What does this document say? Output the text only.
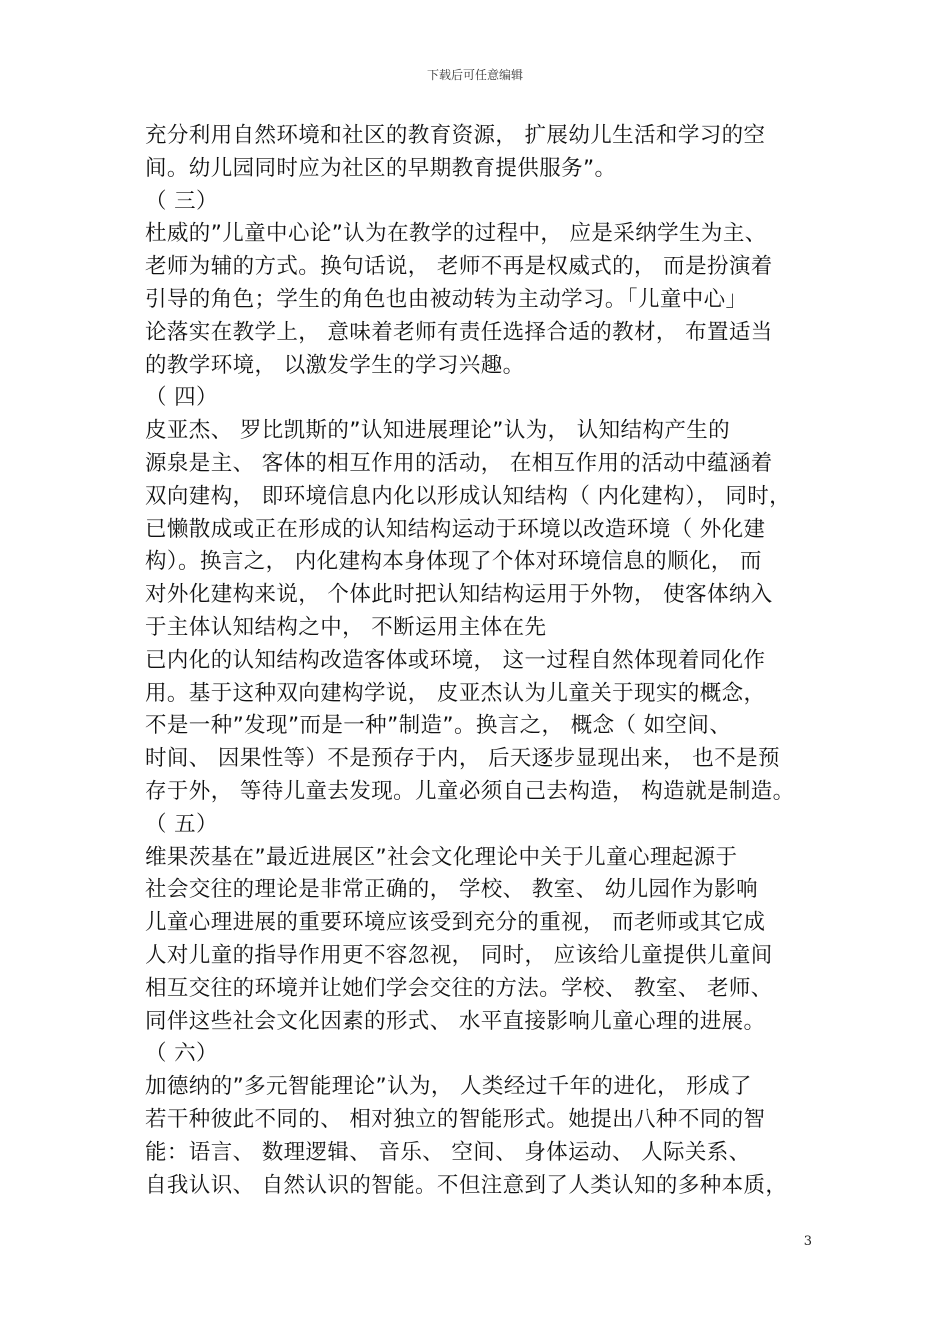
下载后可任意编辑
充分利用自然环境和社区的教育资源， 扩展幼儿生活和学习的空
间。幼儿园同时应为社区的早期教育提供服务”。
（ 三）
杜威的”儿童中心论”认为在教学的过程中， 应是采纳学生为主、
老师为辅的方式。换句话说， 老师不再是权威式的， 而是扮演着
引导的角色；学生的角色也由被动转为主动学习。「儿童中心」
论落实在教学上， 意味着老师有责任选择合适的教材， 布置适当
的教学环境， 以激发学生的学习兴趣。
（ 四）
皮亚杰、 罗比凯斯的”认知进展理论”认为， 认知结构产生的
源泉是主、 客体的相互作用的活动， 在相互作用的活动中蕴涵着
双向建构， 即环境信息内化以形成认知结构（ 内化建构）， 同时，
已懒散成或正在形成的认知结构运动于环境以改造环境（ 外化建
构）。换言之， 内化建构本身体现了个体对环境信息的顺化， 而
对外化建构来说， 个体此时把认知结构运用于外物， 使客体纳入
于主体认知结构之中， 不断运用主体在先
已内化的认知结构改造客体或环境， 这一过程自然体现着同化作
用。基于这种双向建构学说， 皮亚杰认为儿童关于现实的概念，
不是一种”发现”而是一种”制造”。换言之， 概念（ 如空间、
时间、 因果性等）不是预存于内， 后天逐步显现出来， 也不是预
存于外， 等待儿童去发现。儿童必须自己去构造， 构造就是制造。
（ 五）
维果茨基在”最近进展区”社会文化理论中关于儿童心理起源于
社会交往的理论是非常正确的， 学校、 教室、 幼儿园作为影响
儿童心理进展的重要环境应该受到充分的重视， 而老师或其它成
人对儿童的指导作用更不容忽视， 同时， 应该给儿童提供儿童间
相互交往的环境并让她们学会交往的方法。学校、 教室、 老师、
同伴这些社会文化因素的形式、 水平直接影响儿童心理的进展。
（ 六）
加德纳的”多元智能理论”认为， 人类经过千年的进化， 形成了
若干种彼此不同的、 相对独立的智能形式。她提出八种不同的智
能：语言、 数理逻辑、 音乐、 空间、 身体运动、 人际关系、
自我认识、 自然认识的智能。不但注意到了人类认知的多种本质，
3
